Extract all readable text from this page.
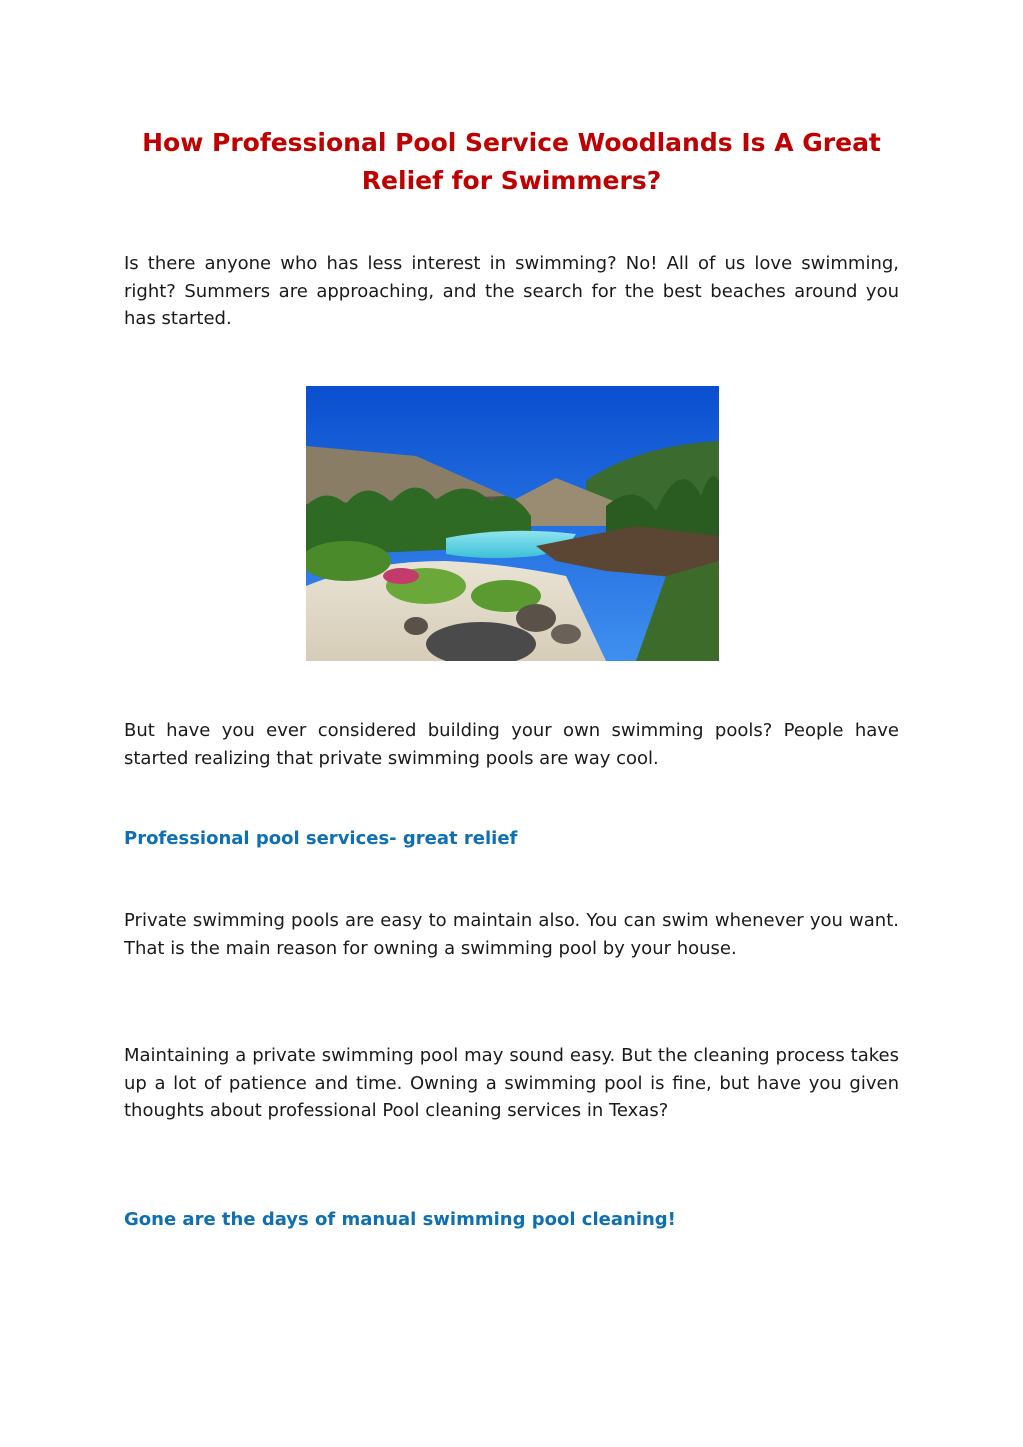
How Professional Pool Service Woodlands Is A Great Relief for Swimmers?

Is there anyone who has less interest in swimming? No! All of us love swimming, right? Summers are approaching, and the search for the best beaches around you has started.

But have you ever considered building your own swimming pools? People have started realizing that private swimming pools are way cool.

Professional pool services- great relief

Private swimming pools are easy to maintain also. You can swim whenever you want. That is the main reason for owning a swimming pool by your house.

Maintaining a private swimming pool may sound easy. But the cleaning process takes up a lot of patience and time. Owning a swimming pool is fine, but have you given thoughts about professional Pool cleaning services in Texas?

Gone are the days of manual swimming pool cleaning!
